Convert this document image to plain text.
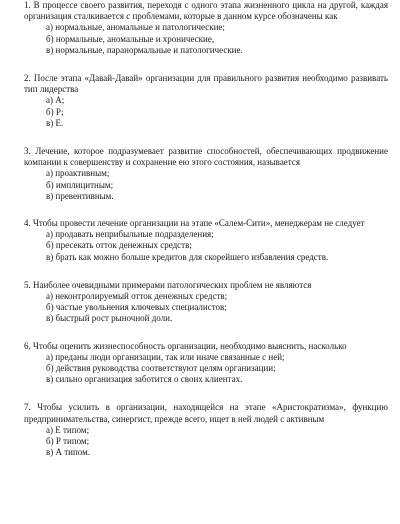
1. В процессе своего развития, переходя с одного этапа жизненного цикла на другой, каждая организация сталкивается с проблемами, которые в данном курсе обозначены как

а) нормальные, аномальные и патологические;
б) нормальные, аномальные и хронические,
в) нормальные, паранормальные и патологические.

2. После этапа «Давай-Давай» организации для правильного развития необходимо развивать тип лидерства

а) А;
б) Р;
в) Е.

3. Лечение, которое подразумевает развитие способностей, обеспечивающих продвижение компании к совершенству и сохранение ею этого состояния, называется

а) проактивным;
б) имплицитным;
в) превентивным.

4. Чтобы провести лечение организации на этапе «Салем-Сити», менеджерам не следует

а) продавать неприбыльные подразделения;
б) пресекать отток денежных средств;
в) брать как можно больше кредитов для скорейшего избавления средств.

5. Наиболее очевидными примерами патологических проблем не являются

а) неконтролируемый отток денежных средств;
б) частые увольнения ключевых специалистов;
в) быстрый рост рыночной доли.

6. Чтобы оценить жизнеспособность организации, необходимо выяснить, насколько

а) преданы люди организации, так или иначе связанные с ней;
б) действия руководства соответствуют целям организации;
в) сильно организация заботится о своих клиентах.

7. Чтобы усилить в организации, находящейся на этапе «Аристократизма», функцию предпринимательства, синергист, прежде всего, ищет в ней людей с активным

а) Е типом;
б) Р типом;
в) А типом.
